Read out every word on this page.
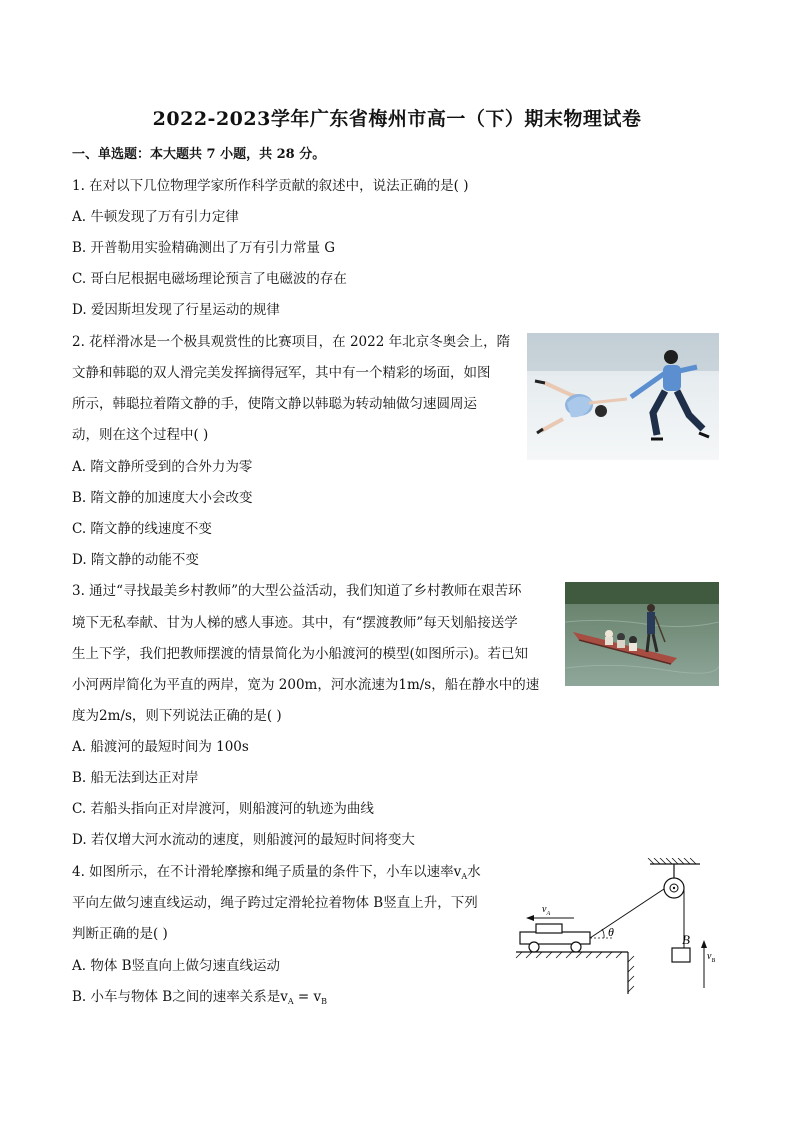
2022-2023学年广东省梅州市高一（下）期末物理试卷
一、单选题：本大题共 7 小题，共 28 分。
1. 在对以下几位物理学家所作科学贡献的叙述中，说法正确的是( )
A. 牛顿发现了万有引力定律
B. 开普勒用实验精确测出了万有引力常量 G
C. 哥白尼根据电磁场理论预言了电磁波的存在
D. 爱因斯坦发现了行星运动的规律
2. 花样滑冰是一个极具观赏性的比赛项目，在 2022 年北京冬奥会上，隋
文静和韩聪的双人滑完美发挥摘得冠军，其中有一个精彩的场面，如图
所示，韩聪拉着隋文静的手，使隋文静以韩聪为转动轴做匀速圆周运
动，则在这个过程中( )
A. 隋文静所受到的合外力为零
B. 隋文静的加速度大小会改变
C. 隋文静的线速度不变
D. 隋文静的动能不变
3. 通过“寻找最美乡村教师”的大型公益活动，我们知道了乡村教师在艰苦环
境下无私奉献、甘为人梯的感人事迹。其中，有“摆渡教师”每天划船接送学
生上下学，我们把教师摆渡的情景简化为小船渡河的模型(如图所示)。若已知
小河两岸简化为平直的两岸，宽为 200m，河水流速为1m/s，船在静水中的速
度为2m/s，则下列说法正确的是( )
A. 船渡河的最短时间为 100s
B. 船无法到达正对岸
C. 若船头指向正对岸渡河，则船渡河的轨迹为曲线
D. 若仅增大河水流动的速度，则船渡河的最短时间将变大
4. 如图所示，在不计滑轮摩擦和绳子质量的条件下，小车以速率$v_A$水
平向左做匀速直线运动，绳子跨过定滑轮拉着物体 B竖直上升，下列
判断正确的是( )
A. 物体 B竖直向上做匀速直线运动
B. 小车与物体 B之间的速率关系是$v_A = v_B$
B
$v_B$
$v_A$
θ
